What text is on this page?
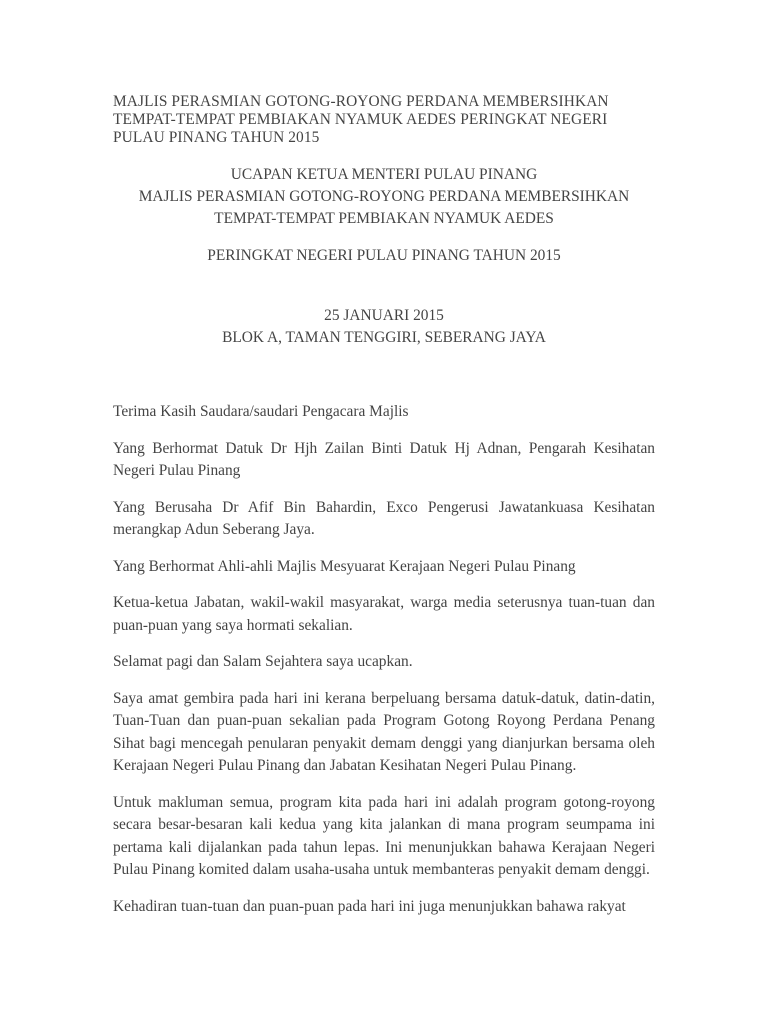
MAJLIS PERASMIAN GOTONG-ROYONG PERDANA MEMBERSIHKAN TEMPAT-TEMPAT PEMBIAKAN NYAMUK AEDES PERINGKAT NEGERI PULAU PINANG TAHUN 2015
UCAPAN KETUA MENTERI PULAU PINANG
MAJLIS PERASMIAN GOTONG-ROYONG PERDANA MEMBERSIHKAN
TEMPAT-TEMPAT PEMBIAKAN NYAMUK AEDES
PERINGKAT NEGERI PULAU PINANG TAHUN 2015
25 JANUARI 2015
BLOK A, TAMAN TENGGIRI, SEBERANG JAYA

Terima Kasih Saudara/saudari Pengacara Majlis

Yang Berhormat Datuk Dr Hjh Zailan Binti Datuk Hj Adnan, Pengarah Kesihatan Negeri Pulau Pinang

Yang Berusaha Dr Afif Bin Bahardin, Exco Pengerusi Jawatankuasa Kesihatan merangkap Adun Seberang Jaya.

Yang Berhormat Ahli-ahli Majlis Mesyuarat Kerajaan Negeri Pulau Pinang

Ketua-ketua Jabatan, wakil-wakil masyarakat, warga media seterusnya tuan-tuan dan puan-puan yang saya hormati sekalian.

Selamat pagi dan Salam Sejahtera saya ucapkan.

Saya amat gembira pada hari ini kerana berpeluang bersama datuk-datuk, datin-datin, Tuan-Tuan dan puan-puan sekalian pada Program Gotong Royong Perdana Penang Sihat bagi mencegah penularan penyakit demam denggi yang dianjurkan bersama oleh Kerajaan Negeri Pulau Pinang dan Jabatan Kesihatan Negeri Pulau Pinang.

Untuk makluman semua, program kita pada hari ini adalah program gotong-royong secara besar-besaran kali kedua yang kita jalankan di mana program seumpama ini pertama kali dijalankan pada tahun lepas. Ini menunjukkan bahawa Kerajaan Negeri Pulau Pinang komited dalam usaha-usaha untuk membanteras penyakit demam denggi.

Kehadiran tuan-tuan dan puan-puan pada hari ini juga menunjukkan bahawa rakyat
